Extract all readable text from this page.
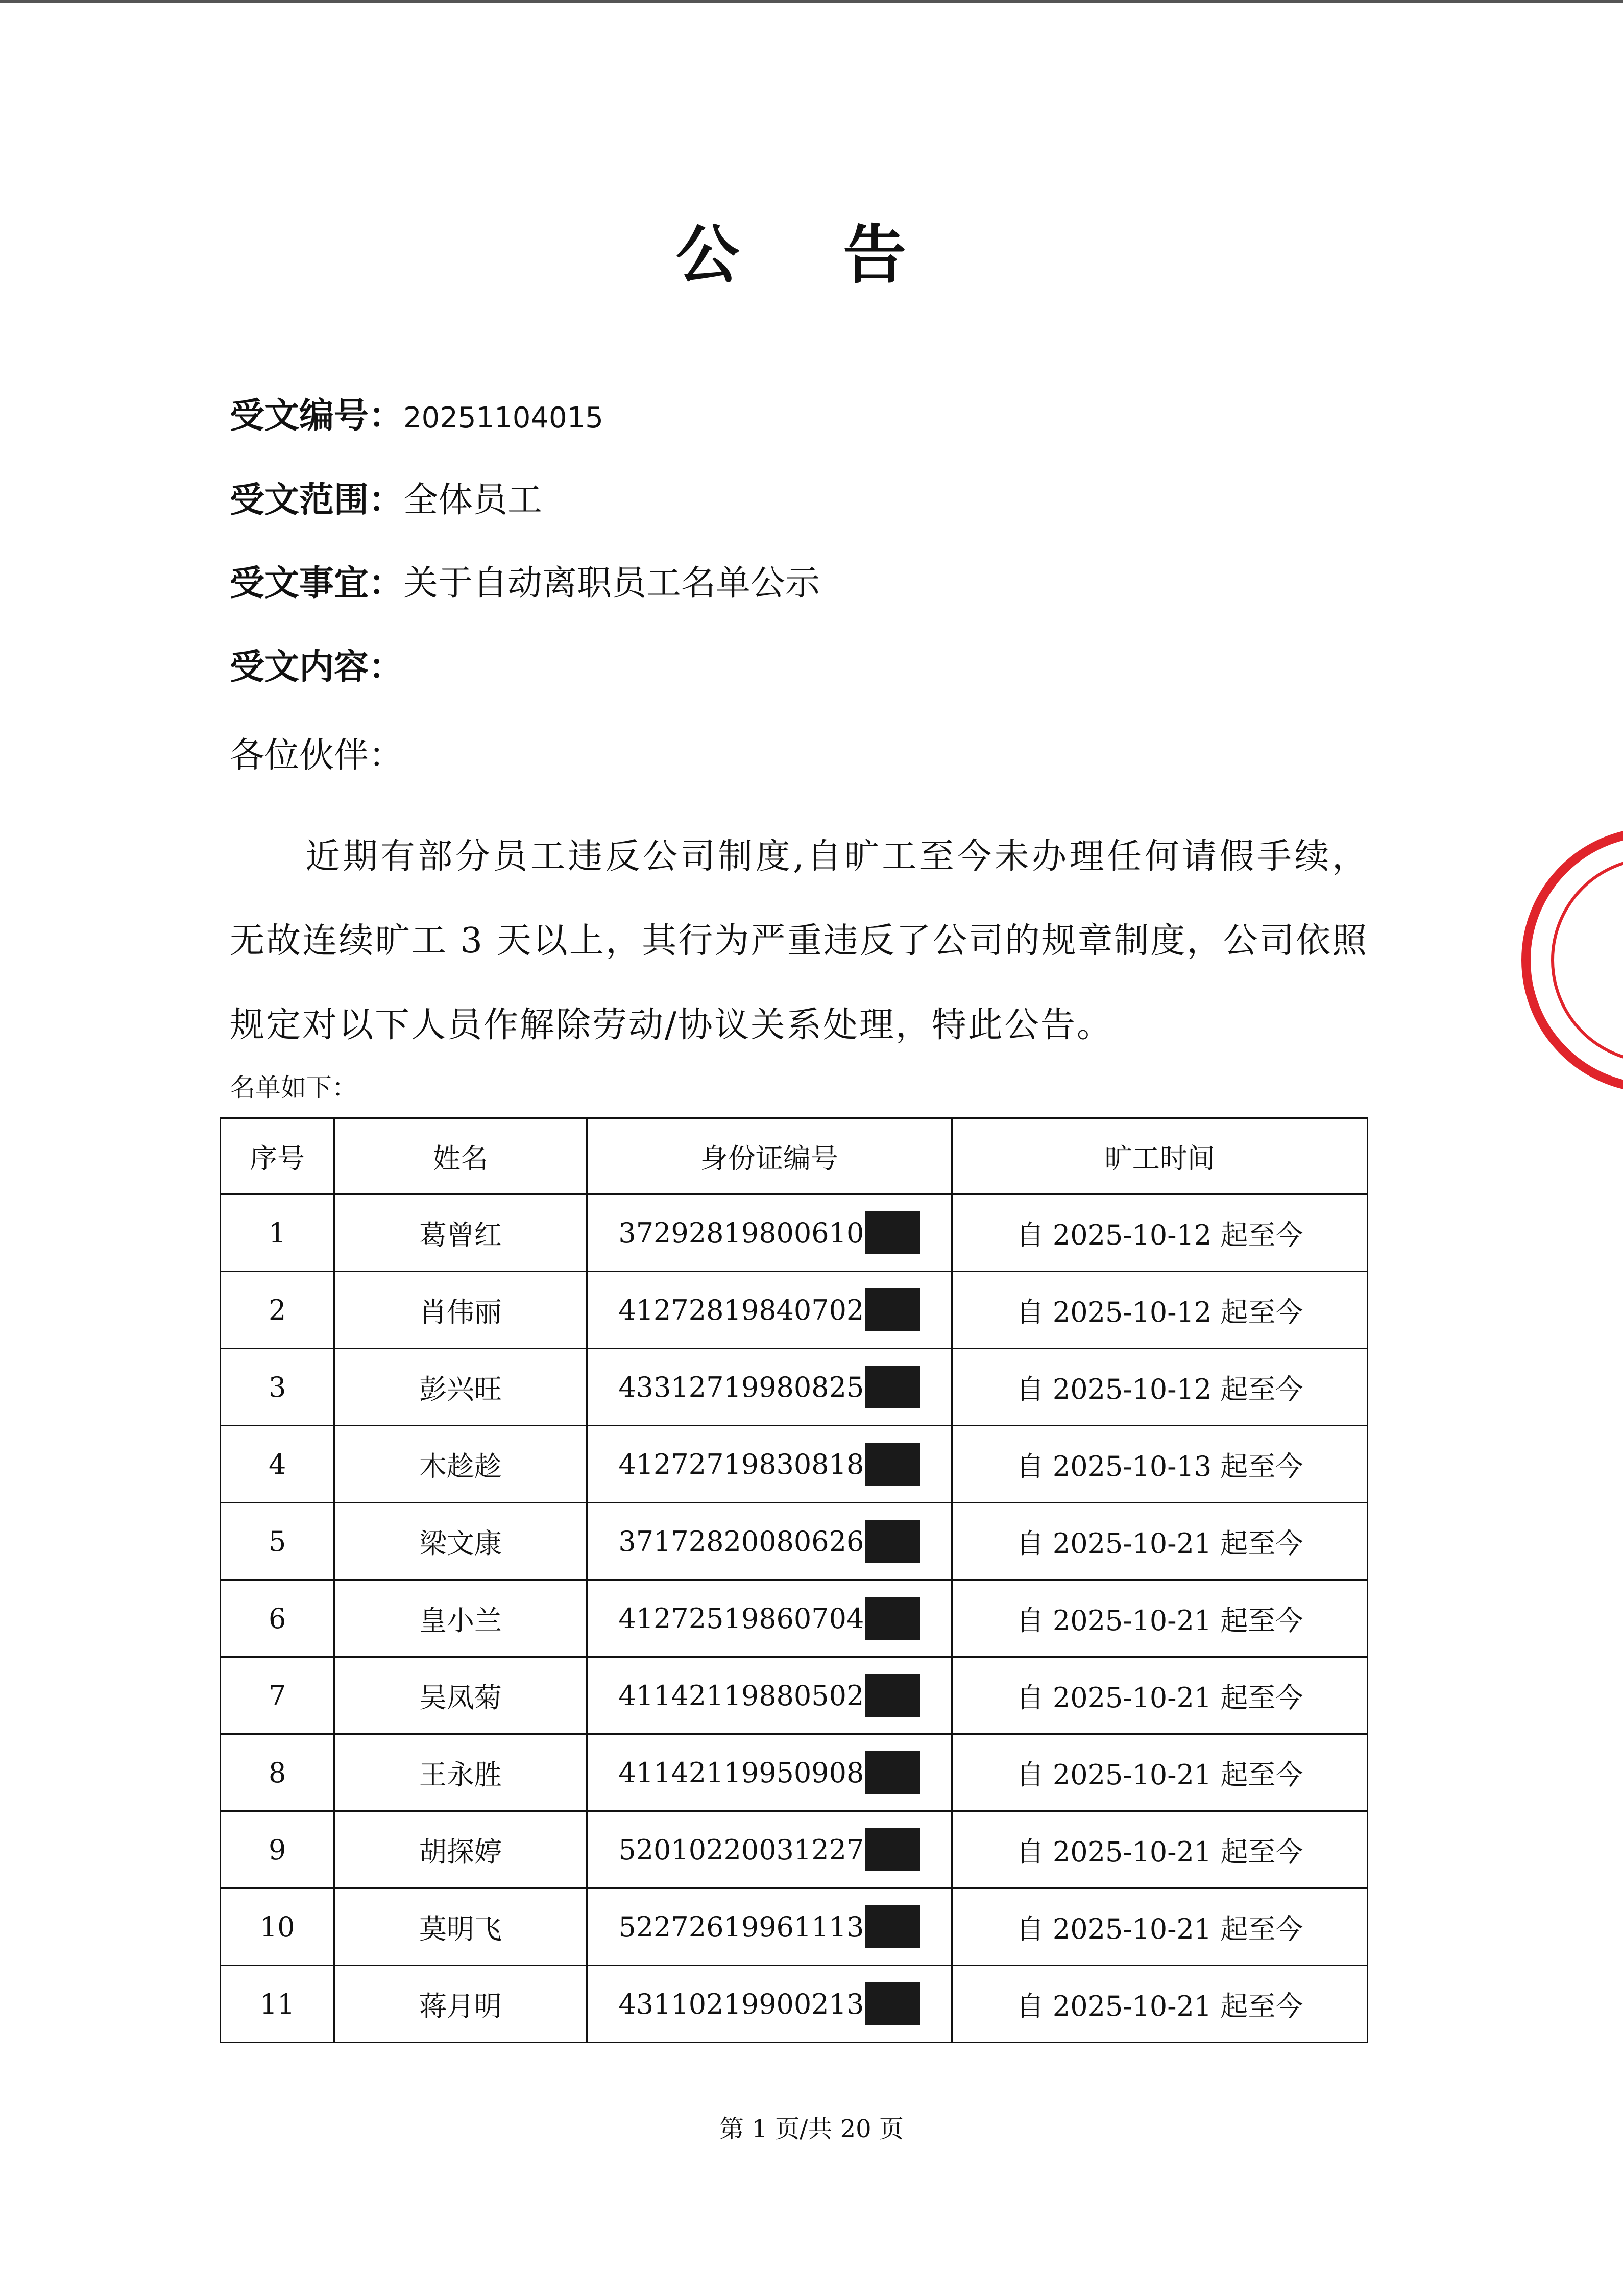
公 告
受文编号：20251104015
受文范围：全体员工
受文事宜：关于自动离职员工名单公示
受文内容：
各位伙伴：
近期有部分员工违反公司制度,自旷工至今未办理任何请假手续，无故连续旷工 3 天以上，其行为严重违反了公司的规章制度，公司依照规定对以下人员作解除劳动/协议关系处理，特此公告。
名单如下：
序号	姓名	身份证编号	旷工时间
1	葛曾红	37292819800610	自 2025-10-12 起至今
2	肖伟丽	41272819840702	自 2025-10-12 起至今
3	彭兴旺	43312719980825	自 2025-10-12 起至今
4	木趁趁	41272719830818	自 2025-10-13 起至今
5	梁文康	37172820080626	自 2025-10-21 起至今
6	皇小兰	41272519860704	自 2025-10-21 起至今
7	吴凤菊	41142119880502	自 2025-10-21 起至今
8	王永胜	41142119950908	自 2025-10-21 起至今
9	胡探婷	52010220031227	自 2025-10-21 起至今
10	莫明飞	52272619961113	自 2025-10-21 起至今
11	蒋月明	43110219900213	自 2025-10-21 起至今
第 1 页/共 20 页
